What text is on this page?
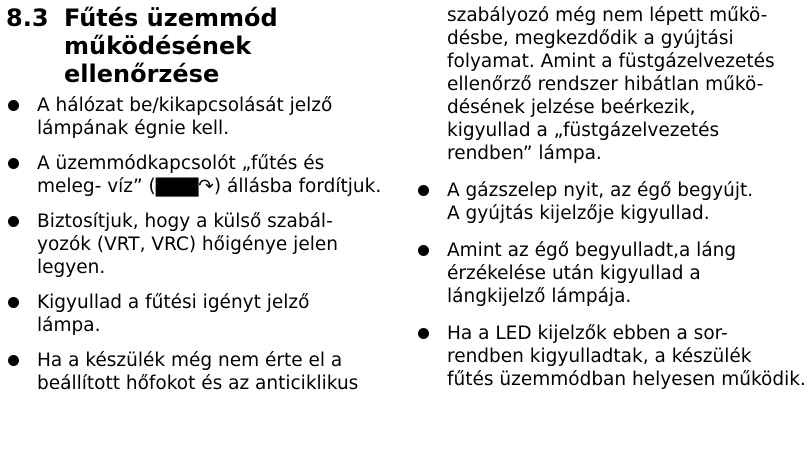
8.3 Fűtés üzemmód
működésének
ellenőrzése
A hálózat be/kikapcsolását jelző
lámpának égnie kell.
A üzemmódkapcsolót „fűtés és
meleg- víz” (▇▇▇↷) állásba fordítjuk.
Biztosítjuk, hogy a külső szabál-
yozók (VRT, VRC) hőigénye jelen
legyen.
Kigyullad a fűtési igényt jelző
lámpa.
Ha a készülék még nem érte el a
beállított hőfokot és az anticiklikus
szabályozó még nem lépett műkö-
désbe, megkezdődik a gyújtási
folyamat. Amint a füstgázelvezetés
ellenőrző rendszer hibátlan műkö-
désének jelzése beérkezik,
kigyullad a „füstgázelvezetés
rendben” lámpa.
A gázszelep nyit, az égő begyújt.
A gyújtás kijelzője kigyullad.
Amint az égő begyulladt,a láng
érzékelése után kigyullad a
lángkijelző lámpája.
Ha a LED kijelzők ebben a sor-
rendben kigyulladtak, a készülék
fűtés üzemmódban helyesen működik.
